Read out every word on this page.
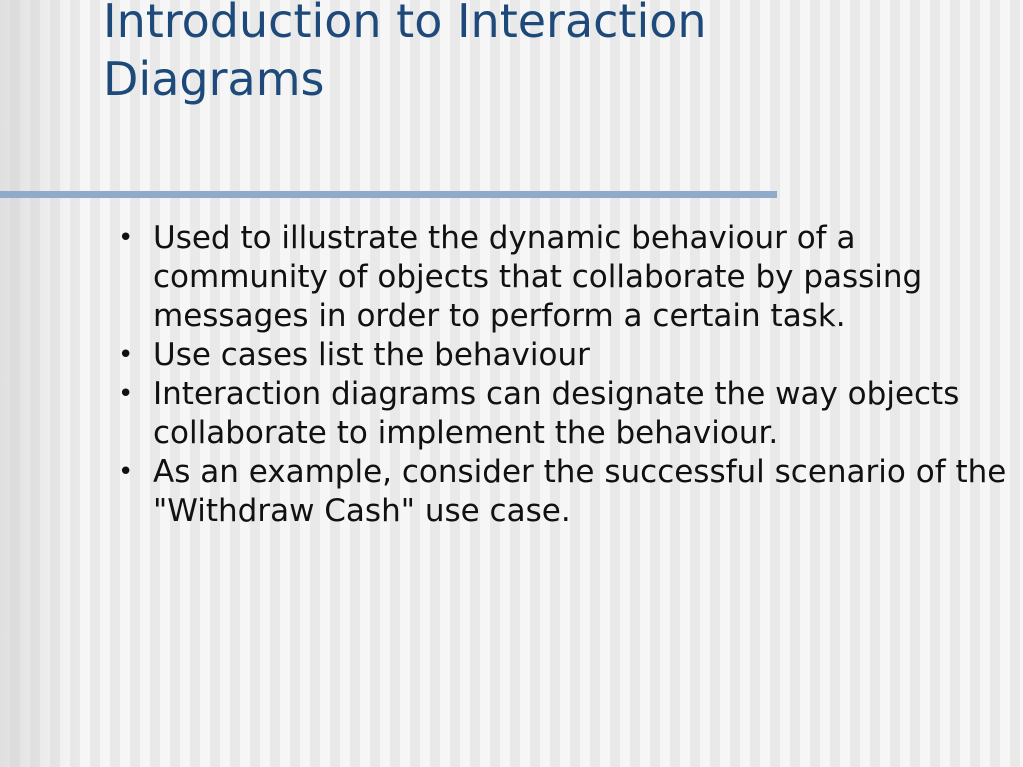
Introduction to Interaction
Diagrams
• Used to illustrate the dynamic behaviour of a community of objects that collaborate by passing messages in order to perform a certain task.
• Use cases list the behaviour
• Interaction diagrams can designate the way objects collaborate to implement the behaviour.
• As an example, consider the successful scenario of the "Withdraw Cash" use case.
